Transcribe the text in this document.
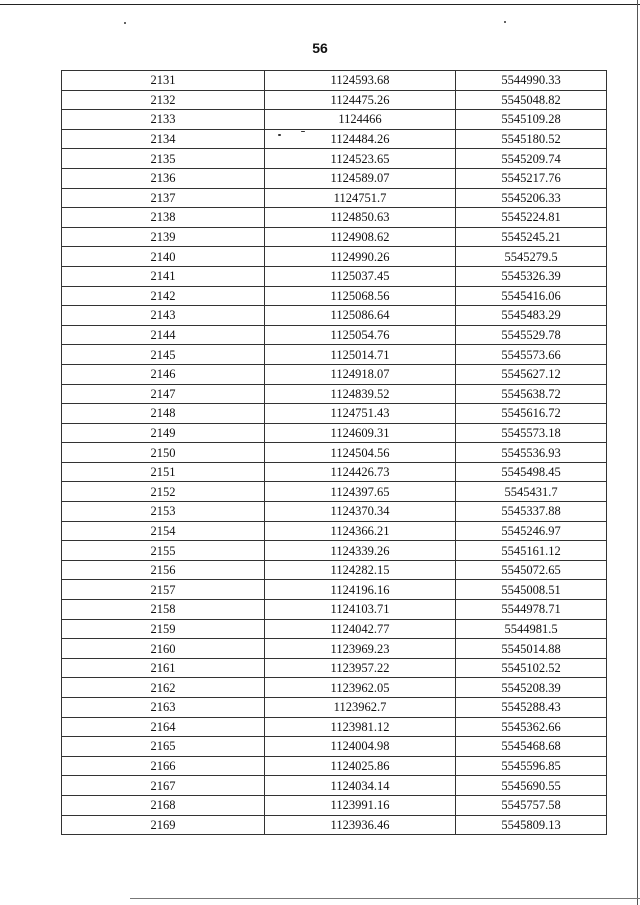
56
2131	1124593.68	5544990.33
2132	1124475.26	5545048.82
2133	1124466	5545109.28
2134	1124484.26	5545180.52
2135	1124523.65	5545209.74
2136	1124589.07	5545217.76
2137	1124751.7	5545206.33
2138	1124850.63	5545224.81
2139	1124908.62	5545245.21
2140	1124990.26	5545279.5
2141	1125037.45	5545326.39
2142	1125068.56	5545416.06
2143	1125086.64	5545483.29
2144	1125054.76	5545529.78
2145	1125014.71	5545573.66
2146	1124918.07	5545627.12
2147	1124839.52	5545638.72
2148	1124751.43	5545616.72
2149	1124609.31	5545573.18
2150	1124504.56	5545536.93
2151	1124426.73	5545498.45
2152	1124397.65	5545431.7
2153	1124370.34	5545337.88
2154	1124366.21	5545246.97
2155	1124339.26	5545161.12
2156	1124282.15	5545072.65
2157	1124196.16	5545008.51
2158	1124103.71	5544978.71
2159	1124042.77	5544981.5
2160	1123969.23	5545014.88
2161	1123957.22	5545102.52
2162	1123962.05	5545208.39
2163	1123962.7	5545288.43
2164	1123981.12	5545362.66
2165	1124004.98	5545468.68
2166	1124025.86	5545596.85
2167	1124034.14	5545690.55
2168	1123991.16	5545757.58
2169	1123936.46	5545809.13
